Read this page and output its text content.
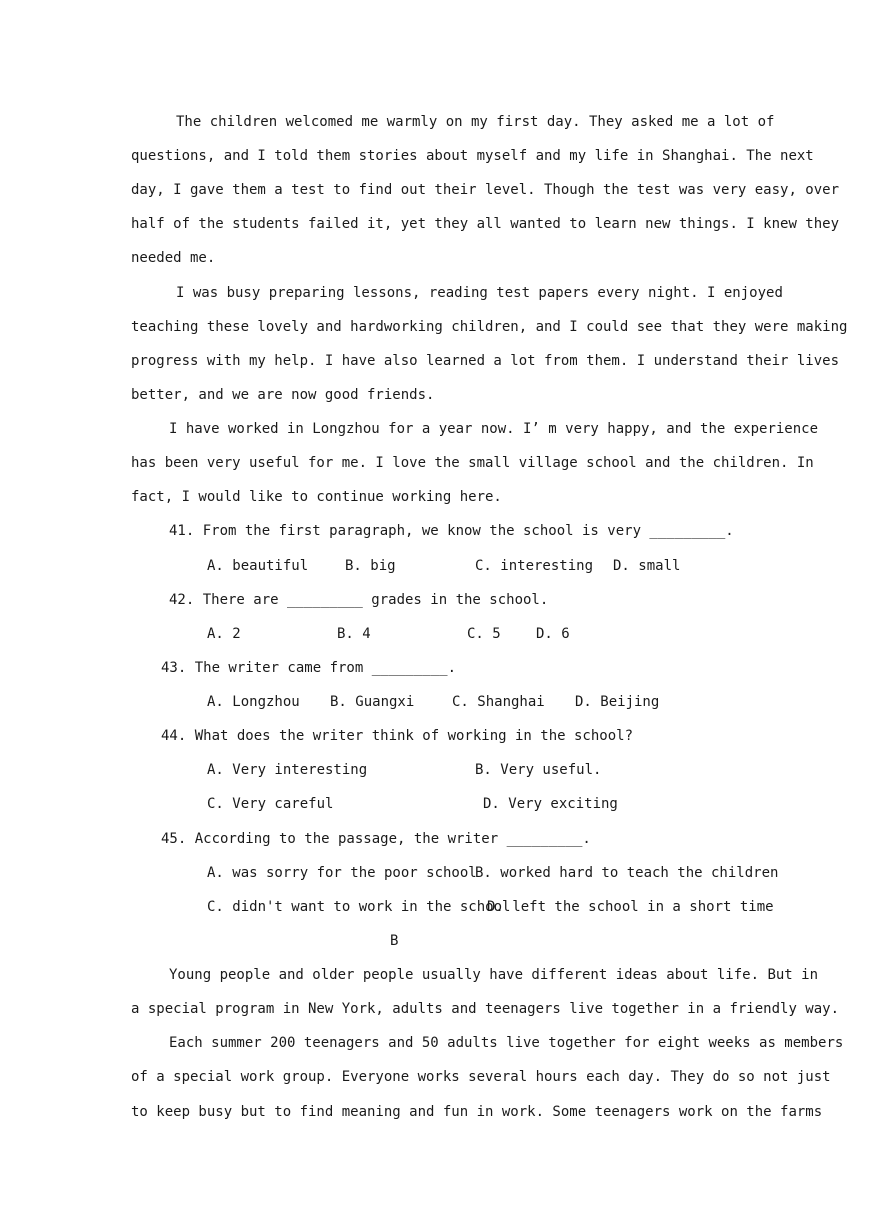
The children welcomed me warmly on my first day. They asked me a lot of
questions, and I told them stories about myself and my life in Shanghai. The next
day, I gave them a test to find out their level. Though the test was very easy, over
half of the students failed it, yet they all wanted to learn new things. I knew they
needed me.
I was busy preparing lessons, reading test papers every night. I enjoyed
teaching these lovely and hardworking children, and I could see that they were making
progress with my help. I have also learned a lot from them. I understand their lives
better, and we are now good friends.
I have worked in Longzhou for a year now. I’ m very happy, and the experience
has been very useful for me. I love the small village school and the children. In
fact, I would like to continue working here.
41. From the first paragraph, we know the school is very _________.
A. beautiful	B. big	C. interesting D. small
42. There are _________ grades in the school.
A. 2	B. 4	C. 5	D. 6
43. The writer came from _________.
A. Longzhou B. Guangxi	C. Shanghai D. Beijing
44. What does the writer think of working in the school?
A. Very interesting	B. Very useful.
C. Very careful	D. Very exciting
45. According to the passage, the writer _________.
A. was sorry for the poor school
B. worked hard to teach the children
C. didn't want to work in the school
D. left the school in a short time
B
Young people and older people usually have different ideas about life. But in
a special program in New York, adults and teenagers live together in a friendly way.
Each summer 200 teenagers and 50 adults live together for eight weeks as members
of a special work group. Everyone works several hours each day. They do so not just
to keep busy but to find meaning and fun in work. Some teenagers work on the farms
